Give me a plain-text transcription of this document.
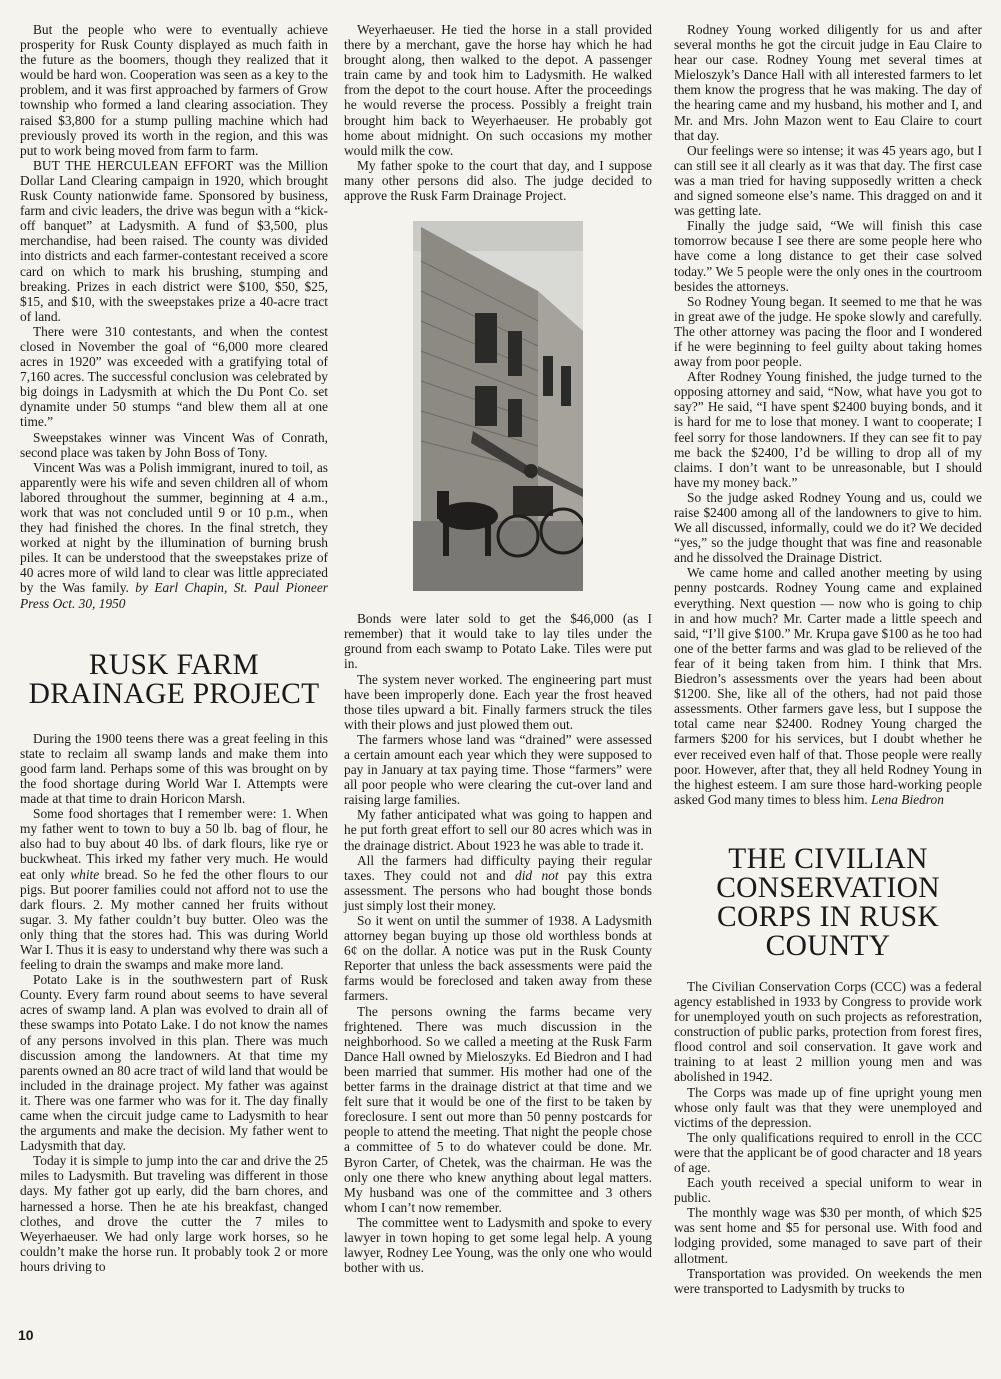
But the people who were to eventually achieve prosperity for Rusk County displayed as much faith in the future as the boomers, though they realized that it would be hard won. Cooperation was seen as a key to the problem, and it was first approached by farmers of Grow township who formed a land clearing association. They raised $3,800 for a stump pulling machine which had previously proved its worth in the region, and this was put to work being moved from farm to farm.

BUT THE HERCULEAN EFFORT was the Million Dollar Land Clearing campaign in 1920, which brought Rusk County nationwide fame. Sponsored by business, farm and civic leaders, the drive was begun with a “kick-off banquet” at Ladysmith. A fund of $3,500, plus merchandise, had been raised. The county was divided into districts and each farmer-contestant received a score card on which to mark his brushing, stumping and breaking. Prizes in each district were $100, $50, $25, $15, and $10, with the sweepstakes prize a 40-acre tract of land.

There were 310 contestants, and when the contest closed in November the goal of “6,000 more cleared acres in 1920” was exceeded with a gratifying total of 7,160 acres. The successful conclusion was celebrated by big doings in Ladysmith at which the Du Pont Co. set dynamite under 50 stumps “and blew them all at one time.”

Sweepstakes winner was Vincent Was of Conrath, second place was taken by John Boss of Tony.

Vincent Was was a Polish immigrant, inured to toil, as apparently were his wife and seven children all of whom labored throughout the summer, beginning at 4 a.m., work that was not concluded until 9 or 10 p.m., when they had finished the chores. In the final stretch, they worked at night by the illumination of burning brush piles. It can be understood that the sweepstakes prize of 40 acres more of wild land to clear was little appreciated by the Was family. by Earl Chapin, St. Paul Pioneer Press Oct. 30, 1950

RUSK FARM DRAINAGE PROJECT

During the 1900 teens there was a great feeling in this state to reclaim all swamp lands and make them into good farm land. Perhaps some of this was brought on by the food shortage during World War I. Attempts were made at that time to drain Horicon Marsh.

Some food shortages that I remember were: 1. When my father went to town to buy a 50 lb. bag of flour, he also had to buy about 40 lbs. of dark flours, like rye or buckwheat. This irked my father very much. He would eat only white bread. So he fed the other flours to our pigs. But poorer families could not afford not to use the dark flours. 2. My mother canned her fruits without sugar. 3. My father couldn’t buy butter. Oleo was the only thing that the stores had. This was during World War I. Thus it is easy to understand why there was such a feeling to drain the swamps and make more land.

Potato Lake is in the southwestern part of Rusk County. Every farm round about seems to have several acres of swamp land. A plan was evolved to drain all of these swamps into Potato Lake. I do not know the names of any persons involved in this plan. There was much discussion among the landowners. At that time my parents owned an 80 acre tract of wild land that would be included in the drainage project. My father was against it. There was one farmer who was for it. The day finally came when the circuit judge came to Ladysmith to hear the arguments and make the decision. My father went to Ladysmith that day.

Today it is simple to jump into the car and drive the 25 miles to Ladysmith. But traveling was different in those days. My father got up early, did the barn chores, and harnessed a horse. Then he ate his breakfast, changed clothes, and drove the cutter the 7 miles to Weyerhaeuser. We had only large work horses, so he couldn’t make the horse run. It probably took 2 or more hours driving to

Weyerhaeuser. He tied the horse in a stall provided there by a merchant, gave the horse hay which he had brought along, then walked to the depot. A passenger train came by and took him to Ladysmith. He walked from the depot to the court house. After the proceedings he would reverse the process. Possibly a freight train brought him back to Weyerhaeuser. He probably got home about midnight. On such occasions my mother would milk the cow.

My father spoke to the court that day, and I suppose many other persons did also. The judge decided to approve the Rusk Farm Drainage Project.

Bonds were later sold to get the $46,000 (as I remember) that it would take to lay tiles under the ground from each swamp to Potato Lake. Tiles were put in.

The system never worked. The engineering part must have been improperly done. Each year the frost heaved those tiles upward a bit. Finally farmers struck the tiles with their plows and just plowed them out.

The farmers whose land was “drained” were assessed a certain amount each year which they were supposed to pay in January at tax paying time. Those “farmers” were all poor people who were clearing the cut-over land and raising large families.

My father anticipated what was going to happen and he put forth great effort to sell our 80 acres which was in the drainage district. About 1923 he was able to trade it.

All the farmers had difficulty paying their regular taxes. They could not and did not pay this extra assessment. The persons who had bought those bonds just simply lost their money.

So it went on until the summer of 1938. A Ladysmith attorney began buying up those old worthless bonds at 6¢ on the dollar. A notice was put in the Rusk County Reporter that unless the back assessments were paid the farms would be foreclosed and taken away from these farmers.

The persons owning the farms became very frightened. There was much discussion in the neighborhood. So we called a meeting at the Rusk Farm Dance Hall owned by Mieloszyks. Ed Biedron and I had been married that summer. His mother had one of the better farms in the drainage district at that time and we felt sure that it would be one of the first to be taken by foreclosure. I sent out more than 50 penny postcards for people to attend the meeting. That night the people chose a committee of 5 to do whatever could be done. Mr. Byron Carter, of Chetek, was the chairman. He was the only one there who knew anything about legal matters. My husband was one of the committee and 3 others whom I can’t now remember.

The committee went to Ladysmith and spoke to every lawyer in town hoping to get some legal help. A young lawyer, Rodney Lee Young, was the only one who would bother with us.

Rodney Young worked diligently for us and after several months he got the circuit judge in Eau Claire to hear our case. Rodney Young met several times at Mieloszyk’s Dance Hall with all interested farmers to let them know the progress that he was making. The day of the hearing came and my husband, his mother and I, and Mr. and Mrs. John Mazon went to Eau Claire to court that day.

Our feelings were so intense; it was 45 years ago, but I can still see it all clearly as it was that day. The first case was a man tried for having supposedly written a check and signed someone else’s name. This dragged on and it was getting late.

Finally the judge said, “We will finish this case tomorrow because I see there are some people here who have come a long distance to get their case solved today.” We 5 people were the only ones in the courtroom besides the attorneys.

So Rodney Young began. It seemed to me that he was in great awe of the judge. He spoke slowly and carefully. The other attorney was pacing the floor and I wondered if he were beginning to feel guilty about taking homes away from poor people.

After Rodney Young finished, the judge turned to the opposing attorney and said, “Now, what have you got to say?” He said, “I have spent $2400 buying bonds, and it is hard for me to lose that money. I want to cooperate; I feel sorry for those landowners. If they can see fit to pay me back the $2400, I’d be willing to drop all of my claims. I don’t want to be unreasonable, but I should have my money back.”

So the judge asked Rodney Young and us, could we raise $2400 among all of the landowners to give to him. We all discussed, informally, could we do it? We decided “yes,” so the judge thought that was fine and reasonable and he dissolved the Drainage District.

We came home and called another meeting by using penny postcards. Rodney Young came and explained everything. Next question — now who is going to chip in and how much? Mr. Carter made a little speech and said, “I’ll give $100.” Mr. Krupa gave $100 as he too had one of the better farms and was glad to be relieved of the fear of it being taken from him. I think that Mrs. Biedron’s assessments over the years had been about $1200. She, like all of the others, had not paid those assessments. Other farmers gave less, but I suppose the total came near $2400. Rodney Young charged the farmers $200 for his services, but I doubt whether he ever received even half of that. Those people were really poor. However, after that, they all held Rodney Young in the highest esteem. I am sure those hard-working people asked God many times to bless him. Lena Biedron

THE CIVILIAN CONSERVATION CORPS IN RUSK COUNTY

The Civilian Conservation Corps (CCC) was a federal agency established in 1933 by Congress to provide work for unemployed youth on such projects as reforestration, construction of public parks, protection from forest fires, flood control and soil conservation. It gave work and training to at least 2 million young men and was abolished in 1942.

The Corps was made up of fine upright young men whose only fault was that they were unemployed and victims of the depression.

The only qualifications required to enroll in the CCC were that the applicant be of good character and 18 years of age.

Each youth received a special uniform to wear in public.

The monthly wage was $30 per month, of which $25 was sent home and $5 for personal use. With food and lodging provided, some managed to save part of their allotment.

Transportation was provided. On weekends the men were transported to Ladysmith by trucks to

10
